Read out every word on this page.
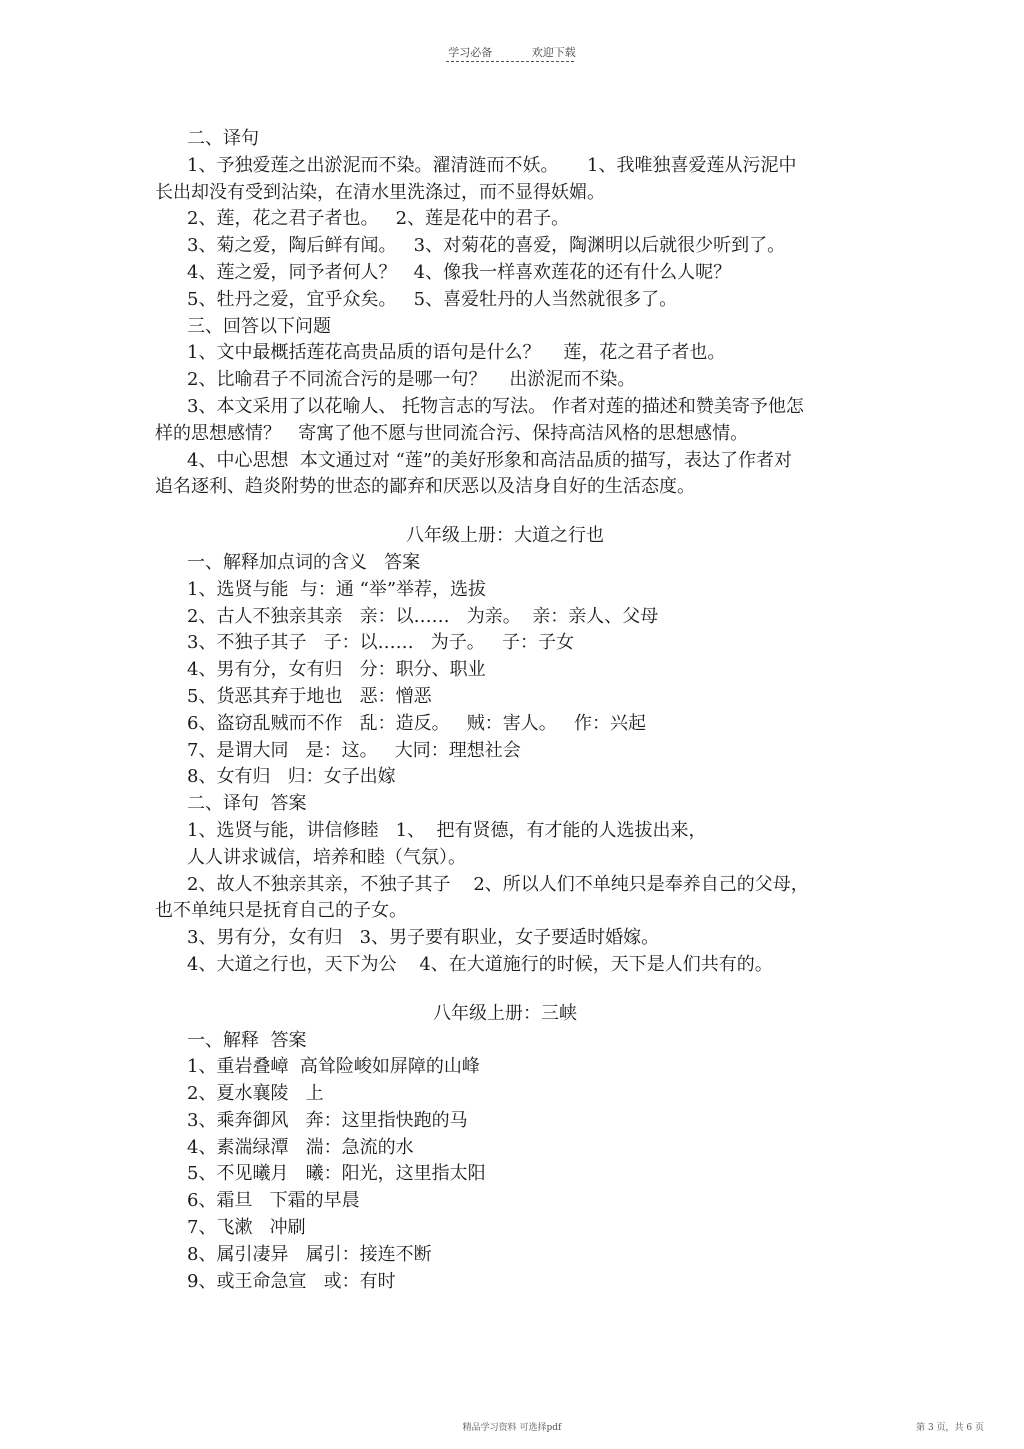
学习必备	欢迎下载
二、译句
1、予独爱莲之出淤泥而不染。濯清涟而不妖。     1、我唯独喜爱莲从污泥中
长出却没有受到沾染，在清水里洗涤过，而不显得妖媚。
2、莲，花之君子者也。   2、莲是花中的君子。
3、菊之爱，陶后鲜有闻。   3、对菊花的喜爱，陶渊明以后就很少听到了。
4、莲之爱，同予者何人？   4、像我一样喜欢莲花的还有什么人呢？
5、牡丹之爱，宜乎众矣。   5、喜爱牡丹的人当然就很多了。
三、回答以下问题
1、文中最概括莲花高贵品质的语句是什么？    莲，花之君子者也。
2、比喻君子不同流合污的是哪一句？    出淤泥而不染。
3、本文采用了以花喻人、 托物言志的写法。 作者对莲的描述和赞美寄予他怎
样的思想感情？   寄寓了他不愿与世同流合污、保持高洁风格的思想感情。
4、中心思想  本文通过对 “莲”的美好形象和高洁品质的描写，表达了作者对
追名逐利、趋炎附势的世态的鄙弃和厌恶以及洁身自好的生活态度。
八年级上册：大道之行也
一、解释加点词的含义   答案
1、选贤与能  与：通 “举”举荐，选拔
2、古人不独亲其亲   亲：以……   为亲。  亲：亲人、父母
3、不独子其子   子：以……   为子。   子：子女
4、男有分，女有归   分：职分、职业
5、货恶其弃于地也   恶：憎恶
6、盗窃乱贼而不作   乱：造反。   贼：害人。   作：兴起
7、是谓大同   是：这。   大同：理想社会
8、女有归   归：女子出嫁
二、译句  答案
1、选贤与能，讲信修睦   1、  把有贤德，有才能的人选拔出来，
人人讲求诚信，培养和睦（气氛）。
2、故人不独亲其亲，不独子其子    2、所以人们不单纯只是奉养自己的父母，
也不单纯只是抚育自己的子女。
3、男有分，女有归   3、男子要有职业，女子要适时婚嫁。
4、大道之行也，天下为公    4、在大道施行的时候，天下是人们共有的。
八年级上册：三峡
一、解释  答案
1、重岩叠嶂  高耸险峻如屏障的山峰
2、夏水襄陵   上
3、乘奔御风   奔：这里指快跑的马
4、素湍绿潭   湍：急流的水
5、不见曦月   曦：阳光，这里指太阳
6、霜旦   下霜的早晨
7、飞漱   冲刷
8、属引凄异   属引：接连不断
9、或王命急宣   或：有时
精品学习资料 可选择pdf	第 3 页，共 6 页
